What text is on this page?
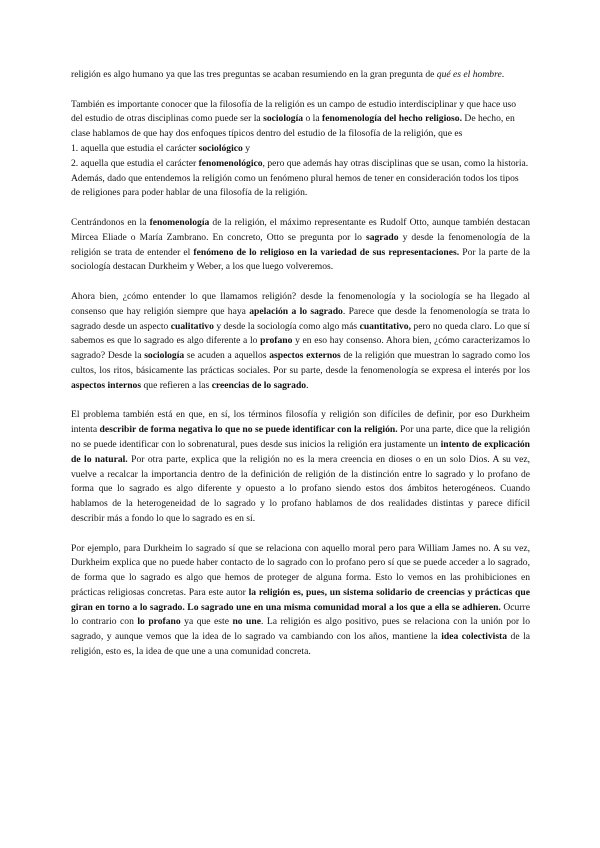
religión es algo humano ya que las tres preguntas se acaban resumiendo en la gran pregunta de qué es el hombre.

También es importante conocer que la filosofía de la religión es un campo de estudio interdisciplinar y que hace uso del estudio de otras disciplinas como puede ser la sociología o la fenomenología del hecho religioso. De hecho, en clase hablamos de que hay dos enfoques típicos dentro del estudio de la filosofía de la religión, que es
1. aquella que estudia el carácter sociológico y
2. aquella que estudia el carácter fenomenológico, pero que además hay otras disciplinas que se usan, como la historia. Además, dado que entendemos la religión como un fenómeno plural hemos de tener en consideración todos los tipos de religiones para poder hablar de una filosofía de la religión.

Centrándonos en la fenomenología de la religión, el máximo representante es Rudolf Otto, aunque también destacan Mircea Eliade o María Zambrano. En concreto, Otto se pregunta por lo sagrado y desde la fenomenología de la religión se trata de entender el fenómeno de lo religioso en la variedad de sus representaciones. Por la parte de la sociología destacan Durkheim y Weber, a los que luego volveremos.

Ahora bien, ¿cómo entender lo que llamamos religión? desde la fenomenología y la sociología se ha llegado al consenso que hay religión siempre que haya apelación a lo sagrado. Parece que desde la fenomenología se trata lo sagrado desde un aspecto cualitativo y desde la sociología como algo más cuantitativo, pero no queda claro. Lo que sí sabemos es que lo sagrado es algo diferente a lo profano y en eso hay consenso. Ahora bien, ¿cómo caracterizamos lo sagrado? Desde la sociología se acuden a aquellos aspectos externos de la religión que muestran lo sagrado como los cultos, los ritos, básicamente las prácticas sociales. Por su parte, desde la fenomenología se expresa el interés por los aspectos internos que refieren a las creencias de lo sagrado.

El problema también está en que, en sí, los términos filosofía y religión son difíciles de definir, por eso Durkheim intenta describir de forma negativa lo que no se puede identificar con la religión. Por una parte, dice que la religión no se puede identificar con lo sobrenatural, pues desde sus inicios la religión era justamente un intento de explicación de lo natural. Por otra parte, explica que la religión no es la mera creencia en dioses o en un solo Dios. A su vez, vuelve a recalcar la importancia dentro de la definición de religión de la distinción entre lo sagrado y lo profano de forma que lo sagrado es algo diferente y opuesto a lo profano siendo estos dos ámbitos heterogéneos. Cuando hablamos de la heterogeneidad de lo sagrado y lo profano hablamos de dos realidades distintas y parece difícil describir más a fondo lo que lo sagrado es en sí.

Por ejemplo, para Durkheim lo sagrado sí que se relaciona con aquello moral pero para William James no. A su vez, Durkheim explica que no puede haber contacto de lo sagrado con lo profano pero sí que se puede acceder a lo sagrado, de forma que lo sagrado es algo que hemos de proteger de alguna forma. Esto lo vemos en las prohibiciones en prácticas religiosas concretas. Para este autor la religión es, pues, un sistema solidario de creencias y prácticas que giran en torno a lo sagrado. Lo sagrado une en una misma comunidad moral a los que a ella se adhieren. Ocurre lo contrario con lo profano ya que este no une. La religión es algo positivo, pues se relaciona con la unión por lo sagrado, y aunque vemos que la idea de lo sagrado va cambiando con los años, mantiene la idea colectivista de la religión, esto es, la idea de que une a una comunidad concreta.
